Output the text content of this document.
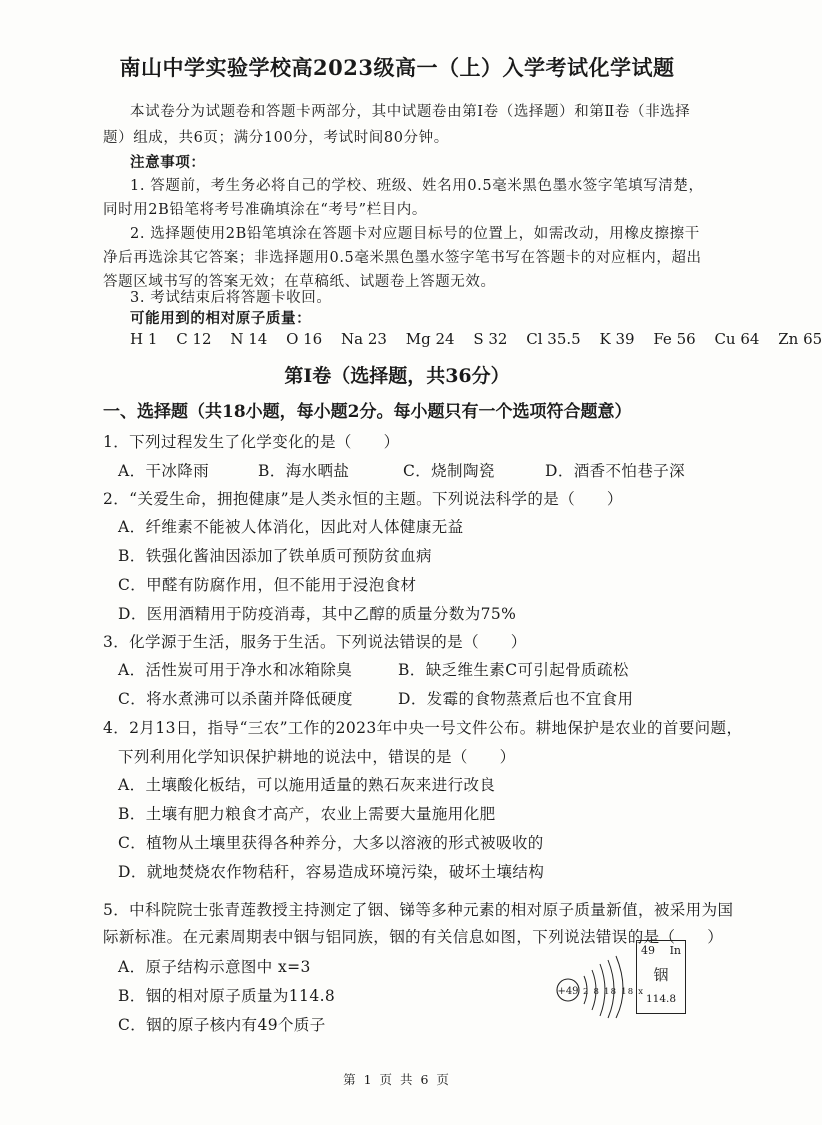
南山中学实验学校高2023级高一（上）入学考试化学试题
本试卷分为试题卷和答题卡两部分，其中试题卷由第Ⅰ卷（选择题）和第Ⅱ卷（非选择
题）组成，共6页；满分100分，考试时间80分钟。
注意事项：
1. 答题前，考生务必将自己的学校、班级、姓名用0.5毫米黑色墨水签字笔填写清楚，
同时用2B铅笔将考号准确填涂在“考号”栏目内。
2. 选择题使用2B铅笔填涂在答题卡对应题目标号的位置上，如需改动，用橡皮擦擦干
净后再选涂其它答案；非选择题用0.5毫米黑色墨水签字笔书写在答题卡的对应框内，超出
答题区域书写的答案无效；在草稿纸、试题卷上答题无效。
3. 考试结束后将答题卡收回。
可能用到的相对原子质量：
H 1 C 12 N 14 O 16 Na 23 Mg 24 S 32 Cl 35.5 K 39 Fe 56 Cu 64 Zn 65
第Ⅰ卷（选择题，共36分）
一、选择题（共18小题，每小题2分。每小题只有一个选项符合题意）
1．下列过程发生了化学变化的是（　　）
A．干冰降雨	B．海水晒盐	C．烧制陶瓷	D．酒香不怕巷子深
2．“关爱生命，拥抱健康”是人类永恒的主题。下列说法科学的是（　　）
A．纤维素不能被人体消化，因此对人体健康无益
B．铁强化酱油因添加了铁单质可预防贫血病
C．甲醛有防腐作用，但不能用于浸泡食材
D．医用酒精用于防疫消毒，其中乙醇的质量分数为75%
3．化学源于生活，服务于生活。下列说法错误的是（　　）
A．活性炭可用于净水和冰箱除臭	B．缺乏维生素C可引起骨质疏松
C．将水煮沸可以杀菌并降低硬度	D．发霉的食物蒸煮后也不宜食用
4．2月13日，指导“三农”工作的2023年中央一号文件公布。耕地保护是农业的首要问题，
下列利用化学知识保护耕地的说法中，错误的是（　　）
A．土壤酸化板结，可以施用适量的熟石灰来进行改良
B．土壤有肥力粮食才高产，农业上需要大量施用化肥
C．植物从土壤里获得各种养分，大多以溶液的形式被吸收的
D．就地焚烧农作物秸秆，容易造成环境污染，破坏土壤结构
5．中科院院士张青莲教授主持测定了铟、锑等多种元素的相对原子质量新值，被采用为国
际新标准。在元素周期表中铟与铝同族，铟的有关信息如图，下列说法错误的是（　　）
A．原子结构示意图中 x=3
B．铟的相对原子质量为114.8
C．铟的原子核内有49个质子
+49 2 8 18 18 x
49 In
铟
114.8
第 1 页 共 6 页
